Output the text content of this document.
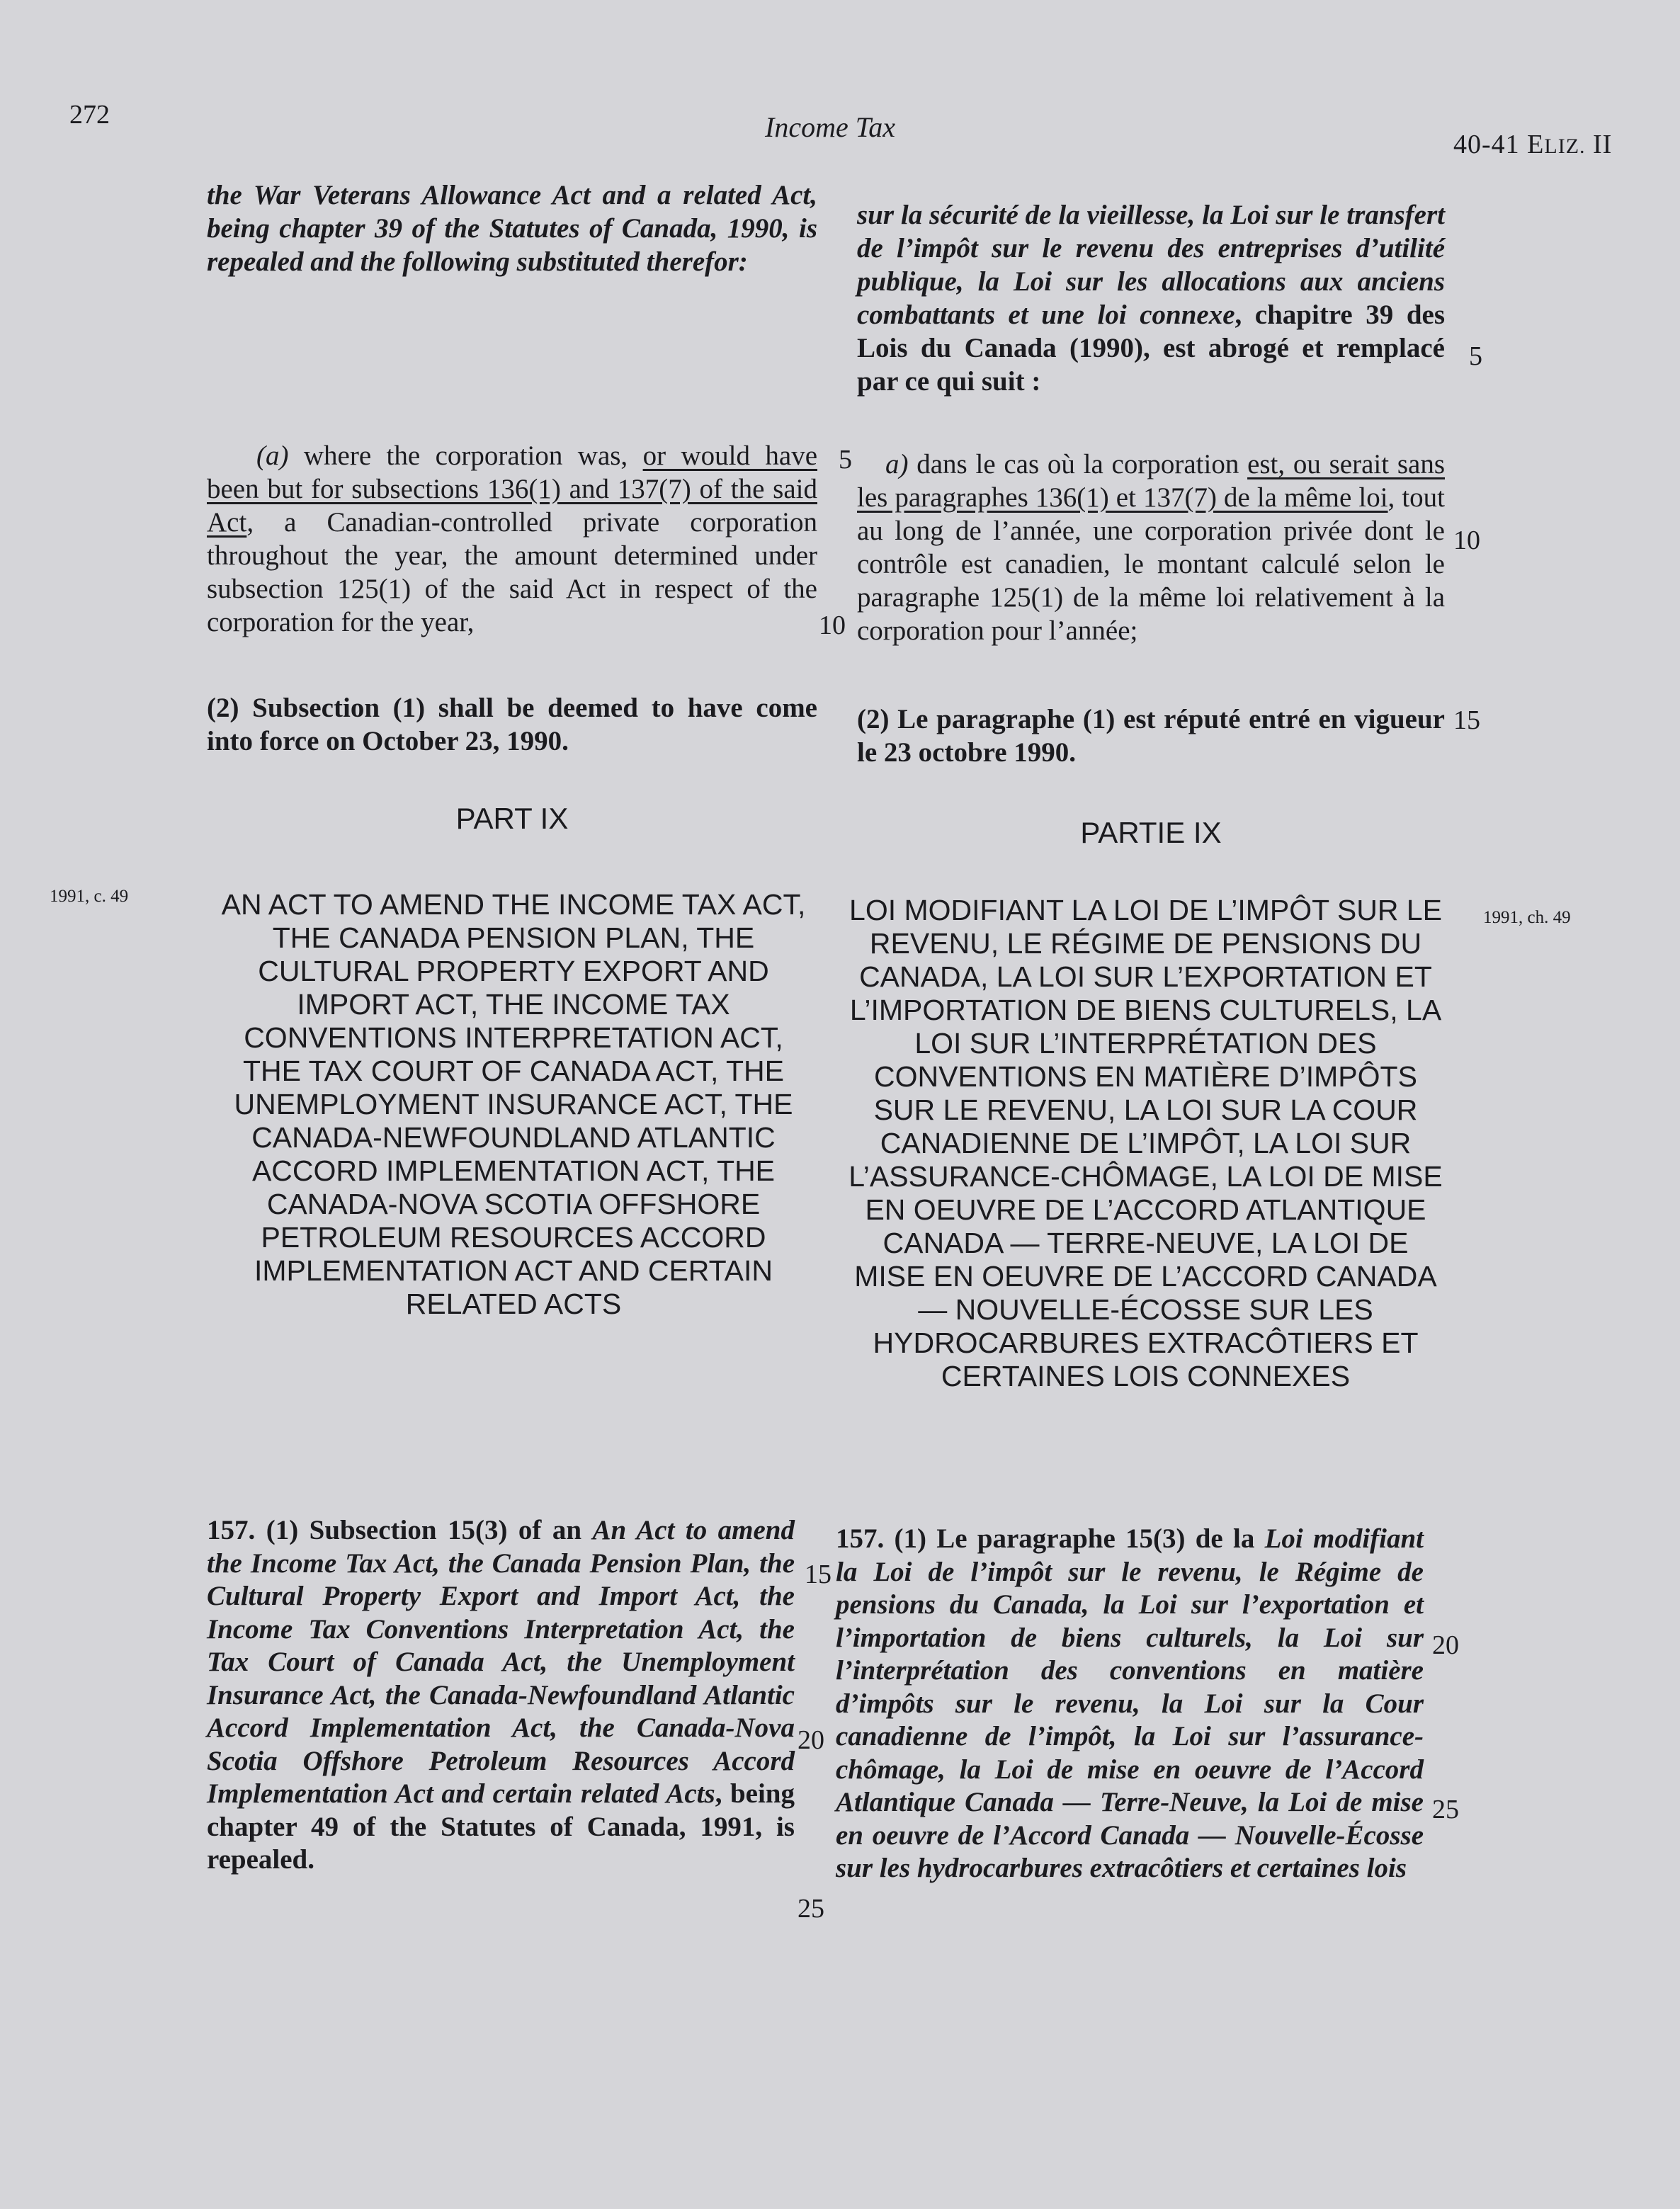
272	Income Tax
40-41 ELIZ. II
the War Veterans Allowance Act and a related Act, being chapter 39 of the Statutes of Canada, 1990, is repealed and the following substituted therefor:
(a) where the corporation was, or would have been but for subsections 136(1) and 137(7) of the said Act, a Canadian-controlled private corporation throughout the year, the amount determined under subsection 125(1) of the said Act in respect of the corporation for the year,
(2) Subsection (1) shall be deemed to have come into force on October 23, 1990.
PART IX
1991, c. 49	AN ACT TO AMEND THE INCOME TAX ACT, THE CANADA PENSION PLAN, THE CULTURAL PROPERTY EXPORT AND IMPORT ACT, THE INCOME TAX CONVENTIONS INTERPRETATION ACT, THE TAX COURT OF CANADA ACT, THE UNEMPLOYMENT INSURANCE ACT, THE CANADA-NEWFOUNDLAND ATLANTIC ACCORD IMPLEMENTATION ACT, THE CANADA-NOVA SCOTIA OFFSHORE PETROLEUM RESOURCES ACCORD IMPLEMENTATION ACT AND CERTAIN RELATED ACTS
157. (1) Subsection 15(3) of an An Act to amend the Income Tax Act, the Canada Pension Plan, the Cultural Property Export and Import Act, the Income Tax Conventions Interpretation Act, the Tax Court of Canada Act, the Unemployment Insurance Act, the Canada-Newfoundland Atlantic Accord Implementation Act, the Canada-Nova Scotia Offshore Petroleum Resources Accord Implementation Act and certain related Acts, being chapter 49 of the Statutes of Canada, 1991, is repealed.
sur la sécurité de la vieillesse, la Loi sur le transfert de l’impôt sur le revenu des entreprises d’utilité publique, la Loi sur les allocations aux anciens combattants et une loi connexe, chapitre 39 des Lois du Canada (1990), est abrogé et remplacé par ce qui suit :
a) dans le cas où la corporation est, ou serait sans les paragraphes 136(1) et 137(7) de la même loi, tout au long de l’année, une corporation privée dont le contrôle est canadien, le montant calculé selon le paragraphe 125(1) de la même loi relativement à la corporation pour l’année;
(2) Le paragraphe (1) est réputé entré en vigueur le 23 octobre 1990.
PARTIE IX
1991, ch. 49
LOI MODIFIANT LA LOI DE L’IMPÔT SUR LE REVENU, LE RÉGIME DE PENSIONS DU CANADA, LA LOI SUR L’EXPORTATION ET L’IMPORTATION DE BIENS CULTURELS, LA LOI SUR L’INTERPRÉTATION DES CONVENTIONS EN MATIÈRE D’IMPÔTS SUR LE REVENU, LA LOI SUR LA COUR CANADIENNE DE L’IMPÔT, LA LOI SUR L’ASSURANCE-CHÔMAGE, LA LOI DE MISE EN OEUVRE DE L’ACCORD ATLANTIQUE CANADA — TERRE-NEUVE, LA LOI DE MISE EN OEUVRE DE L’ACCORD CANADA — NOUVELLE-ÉCOSSE SUR LES HYDROCARBURES EXTRACÔTIERS ET CERTAINES LOIS CONNEXES
157. (1) Le paragraphe 15(3) de la Loi modifiant la Loi de l’impôt sur le revenu, le Régime de pensions du Canada, la Loi sur l’exportation et l’importation de biens culturels, la Loi sur l’interprétation des conventions en matière d’impôts sur le revenu, la Loi sur la Cour canadienne de l’impôt, la Loi sur l’assurance-chômage, la Loi de mise en oeuvre de l’Accord Atlantique Canada — Terre-Neuve, la Loi de mise en oeuvre de l’Accord Canada — Nouvelle-Écosse sur les hydrocarbures extracôtiers et certaines lois
5
5
10
10
15
15
20
20
25
25
